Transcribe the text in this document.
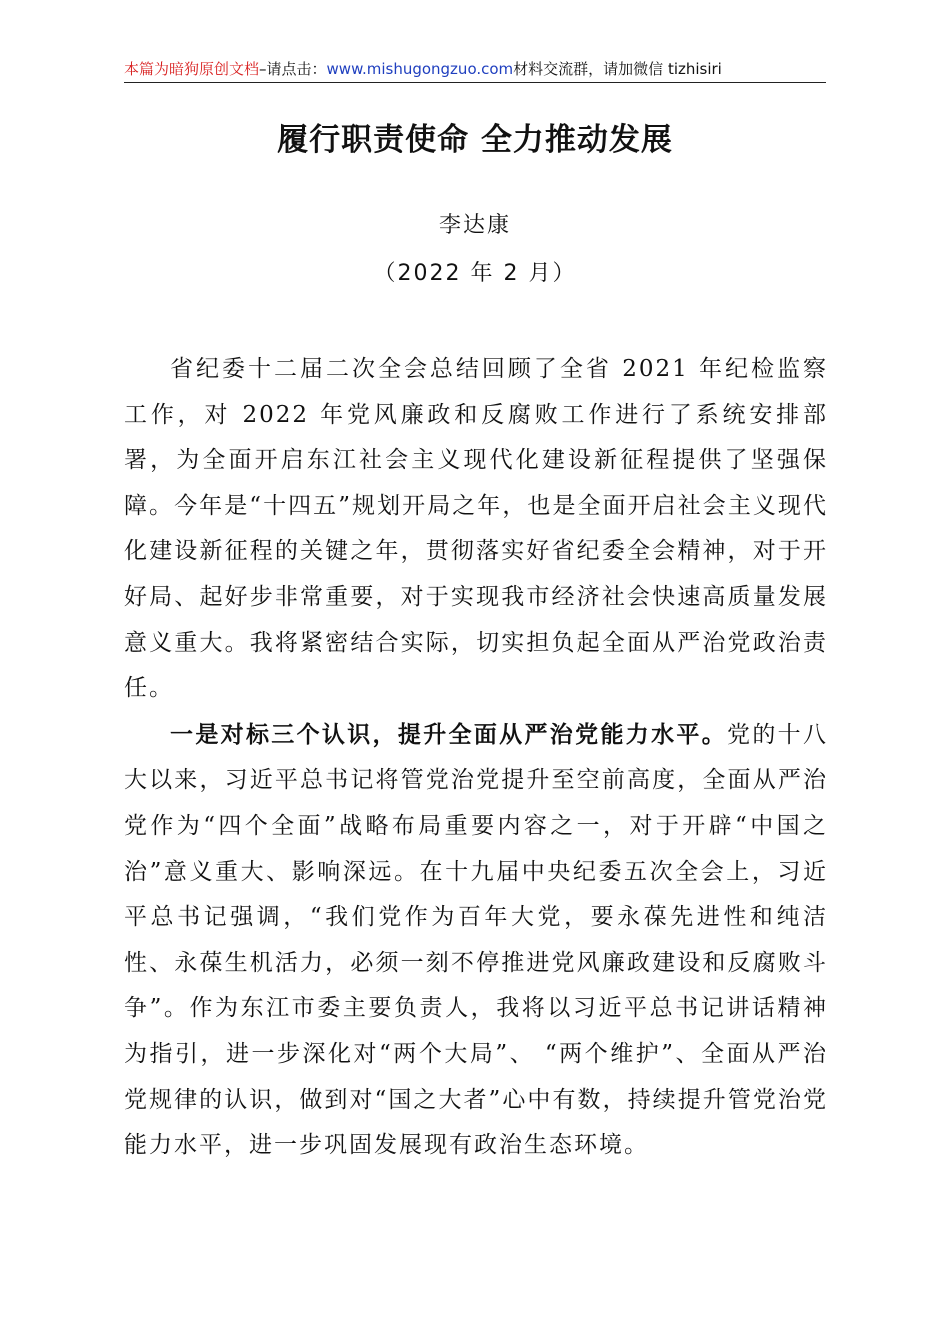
本篇为暗狗原创文档–请点击：www.mishugongzuo.com材料交流群，请加微信 tizhisiri
履行职责使命 全力推动发展
李达康
（2022 年 2 月）

省纪委十二届二次全会总结回顾了全省 2021 年纪检监察工作，对 2022 年党风廉政和反腐败工作进行了系统安排部署，为全面开启东江社会主义现代化建设新征程提供了坚强保障。今年是“十四五”规划开局之年，也是全面开启社会主义现代化建设新征程的关键之年，贯彻落实好省纪委全会精神，对于开好局、起好步非常重要，对于实现我市经济社会快速高质量发展意义重大。我将紧密结合实际，切实担负起全面从严治党政治责任。

一是对标三个认识，提升全面从严治党能力水平。党的十八大以来，习近平总书记将管党治党提升至空前高度，全面从严治党作为“四个全面”战略布局重要内容之一，对于开辟“中国之治”意义重大、影响深远。在十九届中央纪委五次全会上，习近平总书记强调，“我们党作为百年大党，要永葆先进性和纯洁性、永葆生机活力，必须一刻不停推进党风廉政建设和反腐败斗争”。作为东江市委主要负责人，我将以习近平总书记讲话精神为指引，进一步深化对“两个大局”、 “两个维护”、全面从严治党规律的认识，做到对“国之大者”心中有数，持续提升管党治党能力水平，进一步巩固发展现有政治生态环境。
